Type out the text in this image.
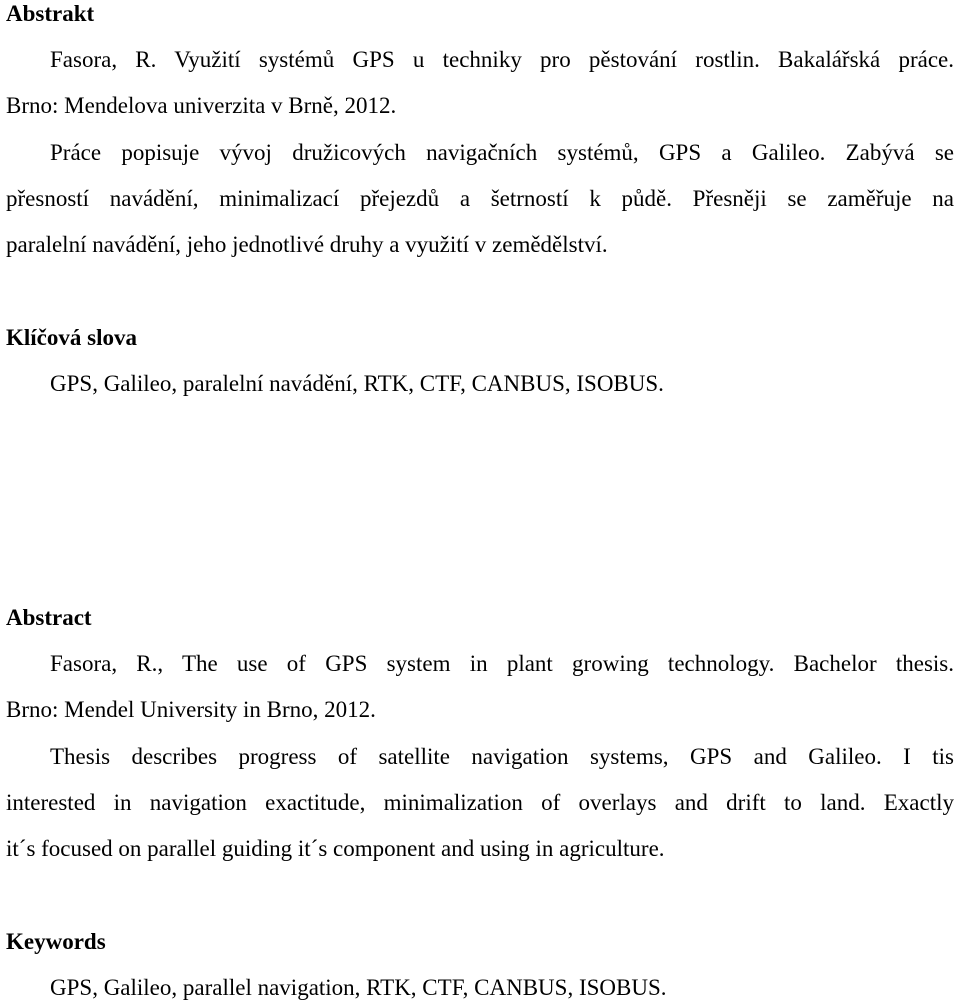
Abstrakt

Fasora, R. Využití systémů GPS u techniky pro pěstování rostlin. Bakalářská práce.

Brno: Mendelova univerzita v Brně, 2012.

Práce popisuje vývoj družicových navigačních systémů, GPS a Galileo. Zabývá se

přesností navádění, minimalizací přejezdů a šetrností k půdě. Přesněji se zaměřuje na

paralelní navádění, jeho jednotlivé druhy a využití v zemědělství.

Klíčová slova

GPS, Galileo, paralelní navádění, RTK, CTF, CANBUS, ISOBUS.

Abstract

Fasora, R., The use of GPS system in plant growing technology. Bachelor thesis.

Brno: Mendel University in Brno, 2012.

Thesis describes progress of satellite navigation systems, GPS and Galileo. I tis

interested in navigation exactitude, minimalization of overlays and drift to land. Exactly

it´s focused on parallel guiding it´s component and using in agriculture.

Keywords

GPS, Galileo, parallel navigation, RTK, CTF, CANBUS, ISOBUS.
